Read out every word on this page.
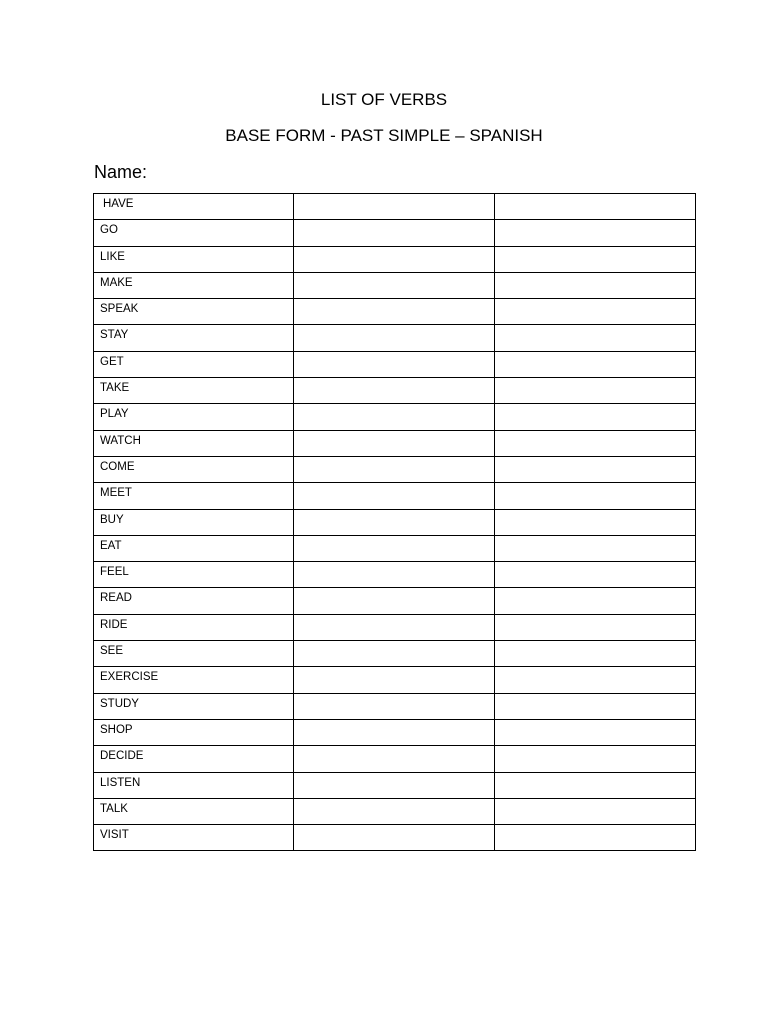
LIST OF VERBS
BASE FORM - PAST SIMPLE – SPANISH
Name:
HAVE		
GO		
LIKE		
MAKE		
SPEAK		
STAY		
GET		
TAKE		
PLAY		
WATCH		
COME		
MEET		
BUY		
EAT		
FEEL		
READ		
RIDE		
SEE		
EXERCISE		
STUDY		
SHOP		
DECIDE		
LISTEN		
TALK		
VISIT		
